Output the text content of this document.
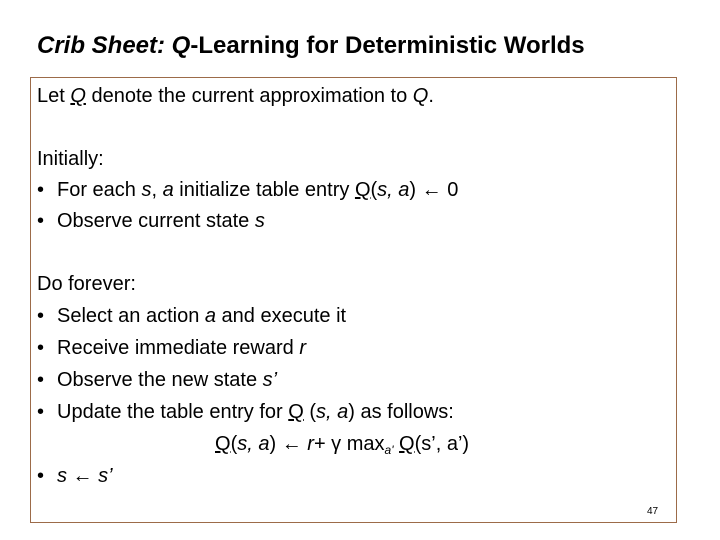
Crib Sheet: Q-Learning for Deterministic Worlds
Let Q denote the current approximation to Q.
Initially:
• For each s, a initialize table entry Q(s, a) ← 0
• Observe current state s
Do forever:
• Select an action a and execute it
• Receive immediate reward r
• Observe the new state s’
• Update the table entry for Q (s, a) as follows:
Q(s, a) ← r+ γ $\max_{a'} Q(s$’, a’)
• s ← s’
47
